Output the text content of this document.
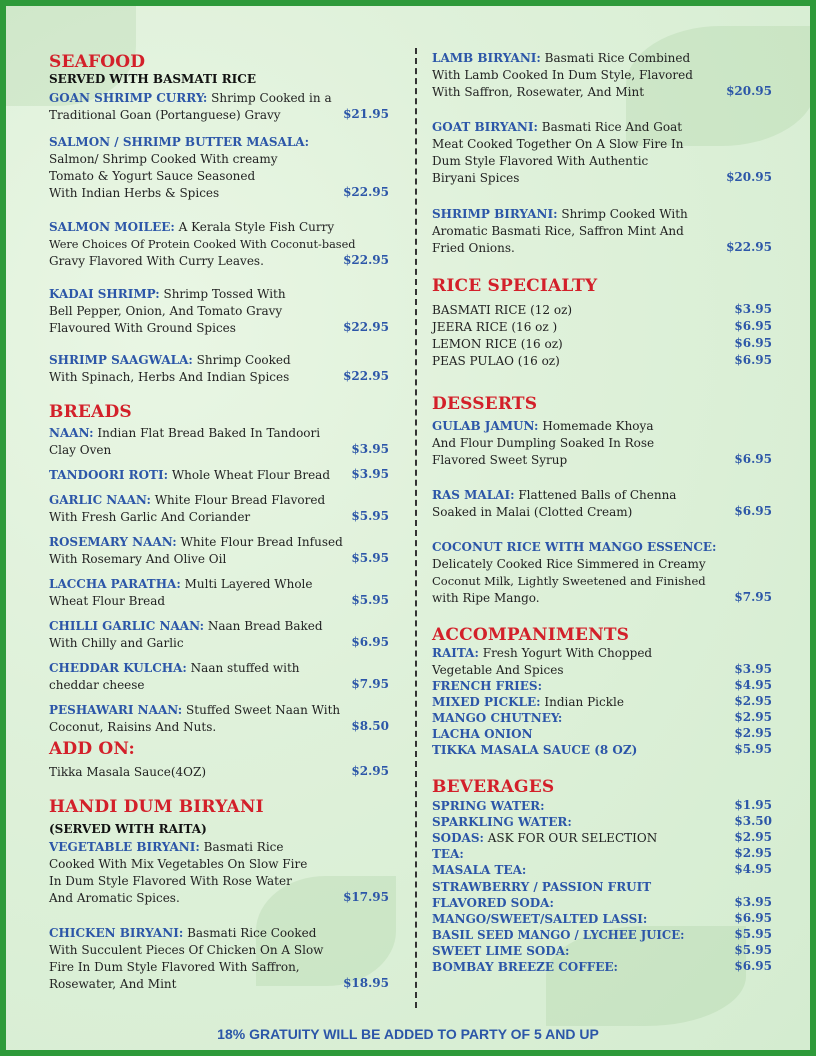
SEAFOOD
SERVED WITH BASMATI RICE
GOAN SHRIMP CURRY: Shrimp Cooked in a
Traditional Goan (Portanguese) Gravy	$21.95
SALMON / SHRIMP BUTTER MASALA:
Salmon/ Shrimp Cooked With creamy
Tomato & Yogurt Sauce Seasoned
With Indian Herbs & Spices	$22.95
SALMON MOILEE: A Kerala Style Fish Curry
Were Choices Of Protein Cooked With Coconut-based
Gravy Flavored With Curry Leaves.	$22.95
KADAI SHRIMP: Shrimp Tossed With
Bell Pepper, Onion, And Tomato Gravy
Flavoured With Ground Spices	$22.95
SHRIMP SAAGWALA: Shrimp Cooked
With Spinach, Herbs And Indian Spices	$22.95
BREADS
NAAN: Indian Flat Bread Baked In Tandoori
Clay Oven	$3.95
TANDOORI ROTI: Whole Wheat Flour Bread	$3.95
GARLIC NAAN: White Flour Bread Flavored
With Fresh Garlic And Coriander	$5.95
ROSEMARY NAAN: White Flour Bread Infused
With Rosemary And Olive Oil	$5.95
LACCHA PARATHA: Multi Layered Whole
Wheat Flour Bread	$5.95
CHILLI GARLIC NAAN: Naan Bread Baked
With Chilly and Garlic	$6.95
CHEDDAR KULCHA: Naan stuffed with
cheddar cheese	$7.95
PESHAWARI NAAN: Stuffed Sweet Naan With
Coconut, Raisins And Nuts.	$8.50
ADD ON:
Tikka Masala Sauce(4OZ)	$2.95
HANDI DUM BIRYANI
(SERVED WITH RAITA)
VEGETABLE BIRYANI: Basmati Rice
Cooked With Mix Vegetables On Slow Fire
In Dum Style Flavored With Rose Water
And Aromatic Spices.	$17.95
CHICKEN BIRYANI: Basmati Rice Cooked
With Succulent Pieces Of Chicken On A Slow
Fire In Dum Style Flavored With Saffron,
Rosewater, And Mint	$18.95
LAMB BIRYANI: Basmati Rice Combined
With Lamb Cooked In Dum Style, Flavored
With Saffron, Rosewater, And Mint	$20.95
GOAT BIRYANI: Basmati Rice And Goat
Meat Cooked Together On A Slow Fire In
Dum Style Flavored With Authentic
Biryani Spices	$20.95
SHRIMP BIRYANI: Shrimp Cooked With
Aromatic Basmati Rice, Saffron Mint And
Fried Onions.	$22.95
RICE SPECIALTY
BASMATI RICE (12 oz)	$3.95
JEERA RICE (16 oz )	$6.95
LEMON RICE (16 oz)	$6.95
PEAS PULAO (16 oz)	$6.95
DESSERTS
GULAB JAMUN: Homemade Khoya
And Flour Dumpling Soaked In Rose
Flavored Sweet Syrup	$6.95
RAS MALAI: Flattened Balls of Chenna
Soaked in Malai (Clotted Cream)	$6.95
COCONUT RICE WITH MANGO ESSENCE:
Delicately Cooked Rice Simmered in Creamy
Coconut Milk, Lightly Sweetened and Finished
with Ripe Mango.	$7.95
ACCOMPANIMENTS
RAITA: Fresh Yogurt With Chopped
Vegetable And Spices	$3.95
FRENCH FRIES:	$4.95
MIXED PICKLE: Indian Pickle	$2.95
MANGO CHUTNEY:	$2.95
LACHA ONION	$2.95
TIKKA MASALA SAUCE (8 OZ)	$5.95
BEVERAGES
SPRING WATER:	$1.95
SPARKLING WATER:	$3.50
SODAS: ASK FOR OUR SELECTION	$2.95
TEA:	$2.95
MASALA TEA:	$4.95
STRAWBERRY / PASSION FRUIT
FLAVORED SODA:	$3.95
MANGO/SWEET/SALTED LASSI:	$6.95
BASIL SEED MANGO / LYCHEE JUICE:	$5.95
SWEET LIME SODA:	$5.95
BOMBAY BREEZE COFFEE:	$6.95
18% GRATUITY WILL BE ADDED TO PARTY OF 5 AND UP
